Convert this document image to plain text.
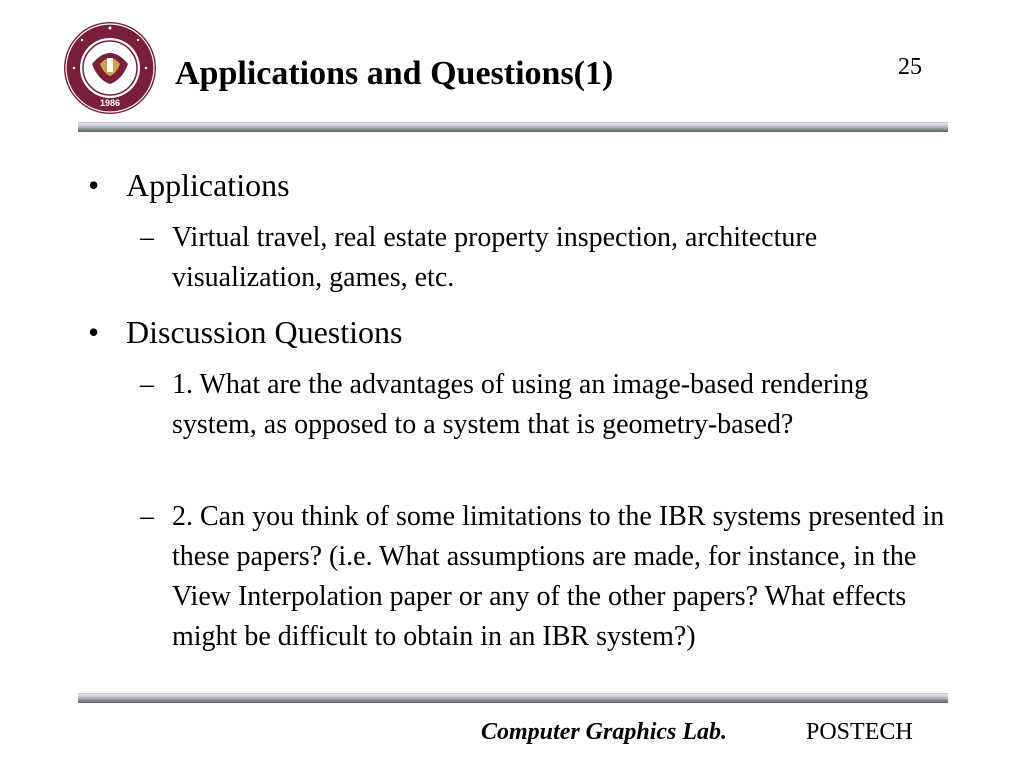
1986
Applications and Questions(1)	25
• Applications
– Virtual travel, real estate property inspection, architecture visualization, games, etc.
• Discussion Questions
– 1. What are the advantages of using an image-based rendering system, as opposed to a system that is geometry-based?
– 2. Can you think of some limitations to the IBR systems presented in these papers? (i.e. What assumptions are made, for instance, in the View Interpolation paper or any of the other papers? What effects might be difficult to obtain in an IBR system?)
Computer Graphics Lab.	POSTECH
